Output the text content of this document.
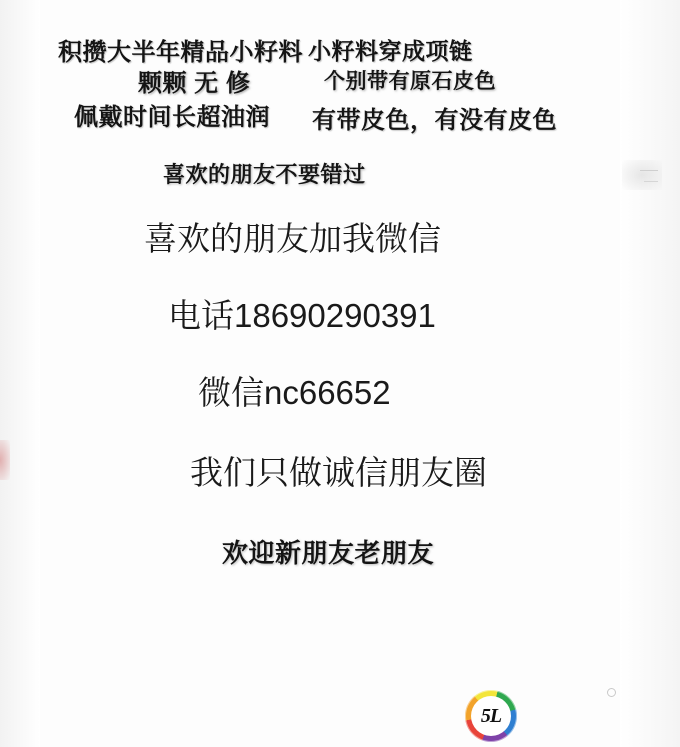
积攒大半年精品小籽料
颗颗 无 修
佩戴时间长超油润
小籽料穿成项链
个别带有原石皮色
有带皮色，有没有皮色
喜欢的朋友不要错过
喜欢的朋友加我微信
电话18690290391
微信nc66652
我们只做诚信朋友圈
欢迎新朋友老朋友
5L
